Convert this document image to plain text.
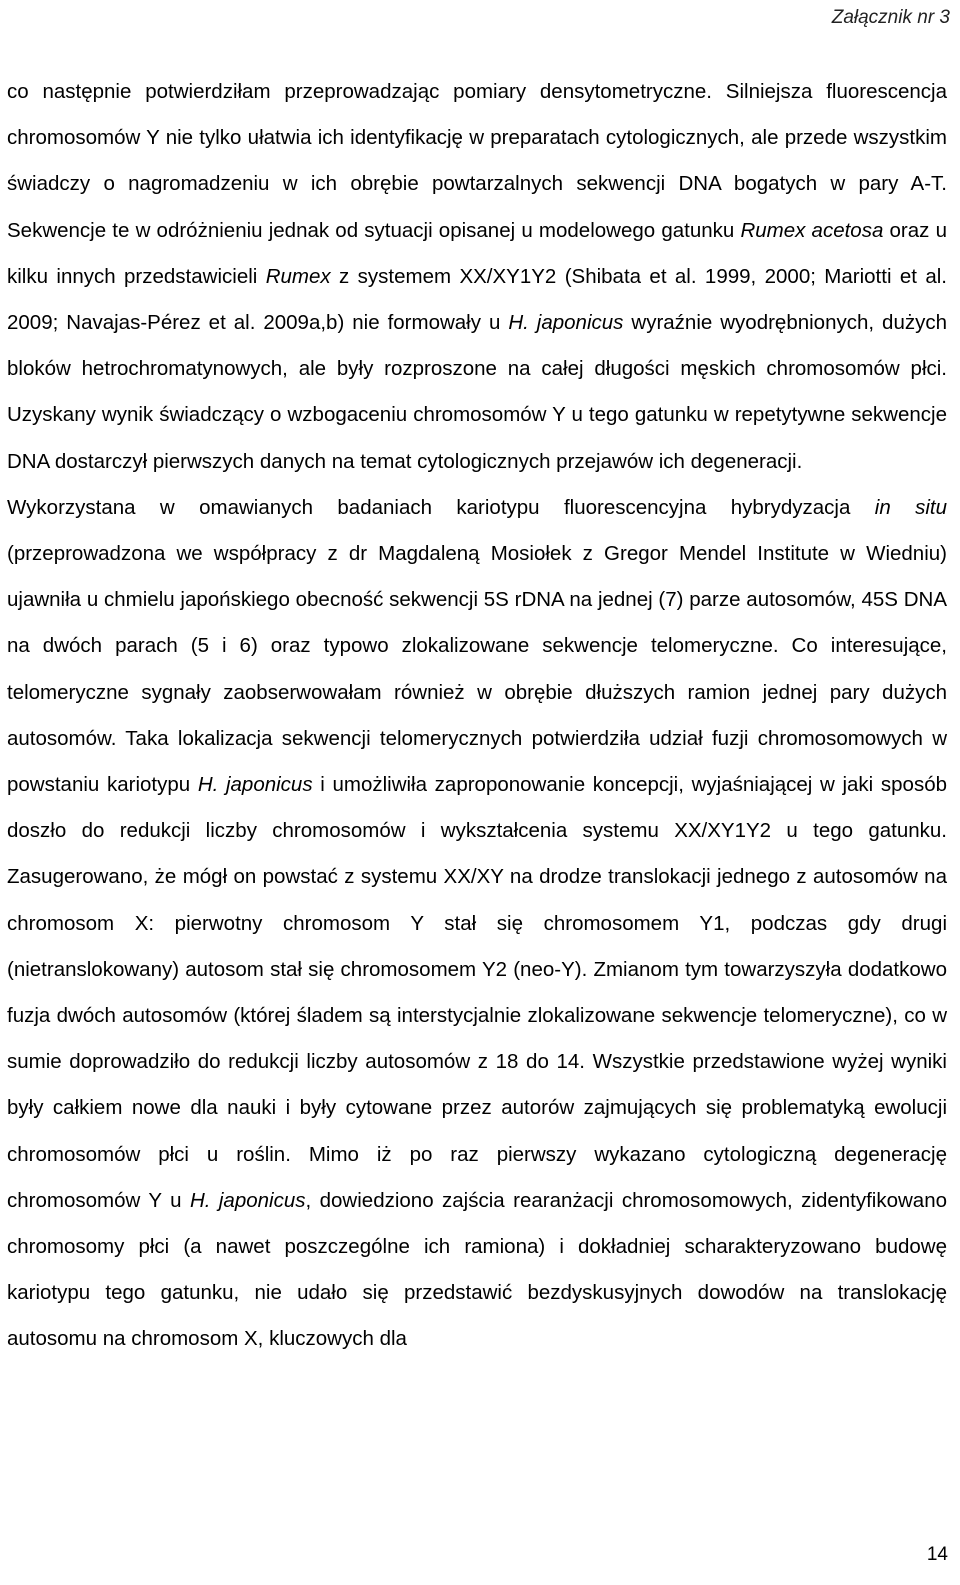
Załącznik nr 3

co następnie potwierdziłam przeprowadzając pomiary densytometryczne. Silniejsza fluorescencja chromosomów Y nie tylko ułatwia ich identyfikację w preparatach cytologicznych, ale przede wszystkim świadczy o nagromadzeniu w ich obrębie powtarzalnych sekwencji DNA bogatych w pary A-T. Sekwencje te w odróżnieniu jednak od sytuacji opisanej u modelowego gatunku Rumex acetosa oraz u kilku innych przedstawicieli Rumex z systemem XX/XY1Y2 (Shibata et al. 1999, 2000; Mariotti et al. 2009; Navajas-Pérez et al. 2009a,b) nie formowały u H. japonicus wyraźnie wyodrębnionych, dużych bloków hetrochromatynowych, ale były rozproszone na całej długości męskich chromosomów płci. Uzyskany wynik świadczący o wzbogaceniu chromosomów Y u tego gatunku w repetytywne sekwencje DNA dostarczył pierwszych danych na temat cytologicznych przejawów ich degeneracji.

Wykorzystana w omawianych badaniach kariotypu fluorescencyjna hybrydyzacja in situ (przeprowadzona we współpracy z dr Magdaleną Mosiołek z Gregor Mendel Institute w Wiedniu) ujawniła u chmielu japońskiego obecność sekwencji 5S rDNA na jednej (7) parze autosomów, 45S DNA na dwóch parach (5 i 6) oraz typowo zlokalizowane sekwencje telomeryczne. Co interesujące, telomeryczne sygnały zaobserwowałam również w obrębie dłuższych ramion jednej pary dużych autosomów. Taka lokalizacja sekwencji telomerycznych potwierdziła udział fuzji chromosomowych w powstaniu kariotypu H. japonicus i umożliwiła zaproponowanie koncepcji, wyjaśniającej w jaki sposób doszło do redukcji liczby chromosomów i wykształcenia systemu XX/XY1Y2 u tego gatunku. Zasugerowano, że mógł on powstać z systemu XX/XY na drodze translokacji jednego z autosomów na chromosom X: pierwotny chromosom Y stał się chromosomem Y1, podczas gdy drugi (nietranslokowany) autosom stał się chromosomem Y2 (neo-Y). Zmianom tym towarzyszyła dodatkowo fuzja dwóch autosomów (której śladem są interstycjalnie zlokalizowane sekwencje telomeryczne), co w sumie doprowadziło do redukcji liczby autosomów z 18 do 14. Wszystkie przedstawione wyżej wyniki były całkiem nowe dla nauki i były cytowane przez autorów zajmujących się problematyką ewolucji chromosomów płci u roślin. Mimo iż po raz pierwszy wykazano cytologiczną degenerację chromosomów Y u H. japonicus, dowiedziono zajścia rearanżacji chromosomowych, zidentyfikowano chromosomy płci (a nawet poszczególne ich ramiona) i dokładniej scharakteryzowano budowę kariotypu tego gatunku, nie udało się przedstawić bezdyskusyjnych dowodów na translokację autosomu na chromosom X, kluczowych dla

14
